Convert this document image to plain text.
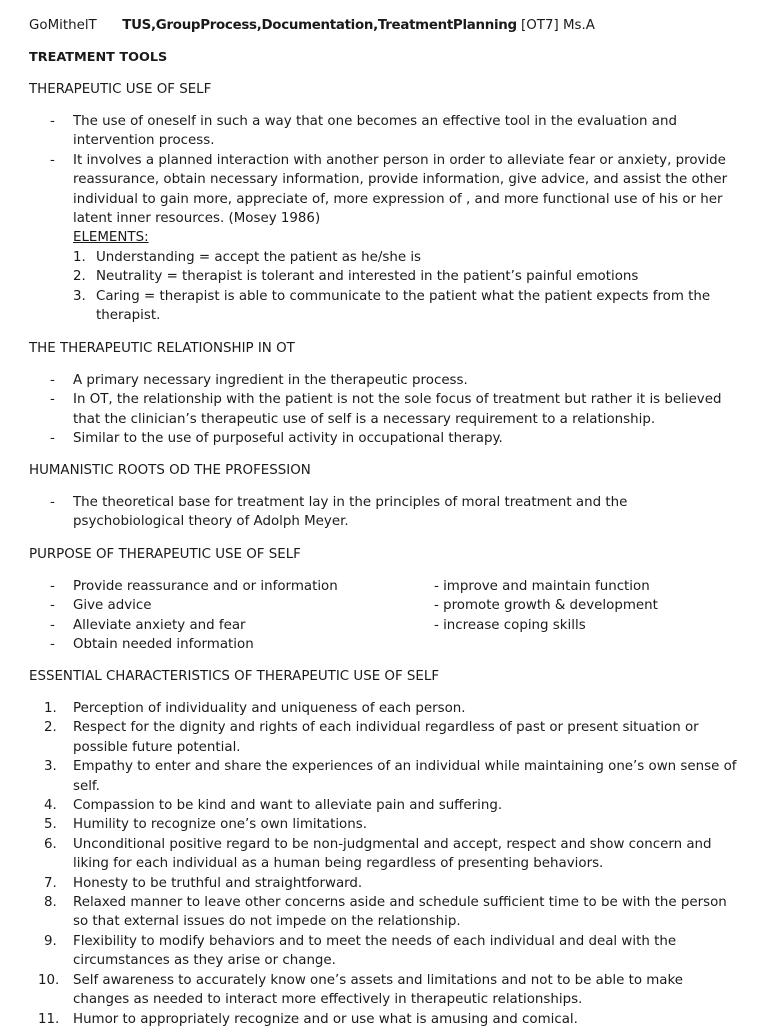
GoMithelT TUS,GroupProcess,Documentation,TreatmentPlanning [OT7] Ms.A
TREATMENT TOOLS
THERAPEUTIC USE OF SELF
- The use of oneself in such a way that one becomes an effective tool in the evaluation and intervention process.
- It involves a planned interaction with another person in order to alleviate fear or anxiety, provide reassurance, obtain necessary information, provide information, give advice, and assist the other individual to gain more, appreciate of, more expression of , and more functional use of his or her latent inner resources. (Mosey 1986)
ELEMENTS:
1. Understanding = accept the patient as he/she is
2. Neutrality = therapist is tolerant and interested in the patient’s painful emotions
3. Caring = therapist is able to communicate to the patient what the patient expects from the therapist.
THE THERAPEUTIC RELATIONSHIP IN OT
- A primary necessary ingredient in the therapeutic process.
- In OT, the relationship with the patient is not the sole focus of treatment but rather it is believed that the clinician’s therapeutic use of self is a necessary requirement to a relationship.
- Similar to the use of purposeful activity in occupational therapy.
HUMANISTIC ROOTS OD THE PROFESSION
- The theoretical base for treatment lay in the principles of moral treatment and the psychobiological theory of Adolph Meyer.
PURPOSE OF THERAPEUTIC USE OF SELF
- Provide reassurance and or information
- Give advice
- Alleviate anxiety and fear
- Obtain needed information
- improve and maintain function
- promote growth & development
- increase coping skills
ESSENTIAL CHARACTERISTICS OF THERAPEUTIC USE OF SELF
1. Perception of individuality and uniqueness of each person.
2. Respect for the dignity and rights of each individual regardless of past or present situation or possible future potential.
3. Empathy to enter and share the experiences of an individual while maintaining one’s own sense of self.
4. Compassion to be kind and want to alleviate pain and suffering.
5. Humility to recognize one’s own limitations.
6. Unconditional positive regard to be non-judgmental and accept, respect and show concern and liking for each individual as a human being regardless of presenting behaviors.
7. Honesty to be truthful and straightforward.
8. Relaxed manner to leave other concerns aside and schedule sufficient time to be with the person so that external issues do not impede on the relationship.
9. Flexibility to modify behaviors and to meet the needs of each individual and deal with the circumstances as they arise or change.
10. Self awareness to accurately know one’s assets and limitations and not to be able to make changes as needed to interact more effectively in therapeutic relationships.
11. Humor to appropriately recognize and or use what is amusing and comical.
